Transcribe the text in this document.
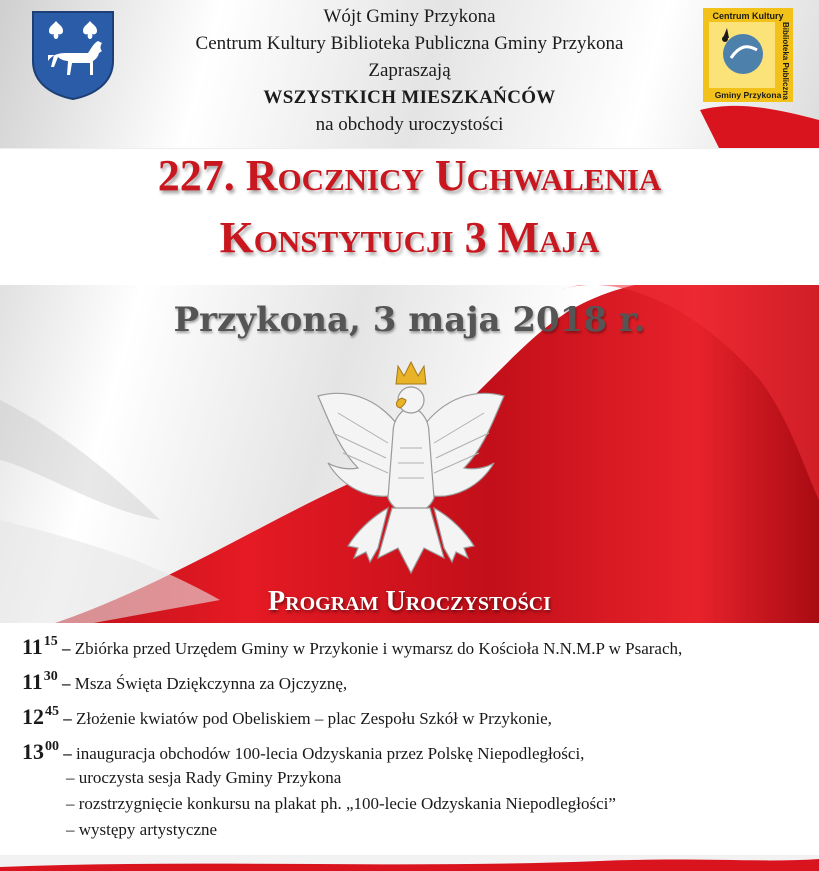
Wójt Gminy Przykona
Centrum Kultury Biblioteka Publiczna Gminy Przykona
Zapraszają
WSZYSTKICH MIESZKAŃCÓW
na obchody uroczystości
Centrum Kultury
Gminy Przykona Biblioteka Publiczna
227. Rocznicy Uchwalenia
Konstytucji 3 Maja
Przykona, 3 maja 2018 r.
Program Uroczystości
$11^{15}$ – Zbiórka przed Urzędem Gminy w Przykonie i wymarsz do Kościoła N.N.M.P w Psarach,
$11^{30}$ – Msza Święta Dziękczynna za Ojczyznę,
$12^{45}$ – Złożenie kwiatów pod Obeliskiem – plac Zespołu Szkół w Przykonie,
$13^{00}$ – inauguracja obchodów 100-lecia Odzyskania przez Polskę Niepodległości,
– uroczysta sesja Rady Gminy Przykona
– rozstrzygnięcie konkursu na plakat ph. „100-lecie Odzyskania Niepodległości”
– występy artystyczne
